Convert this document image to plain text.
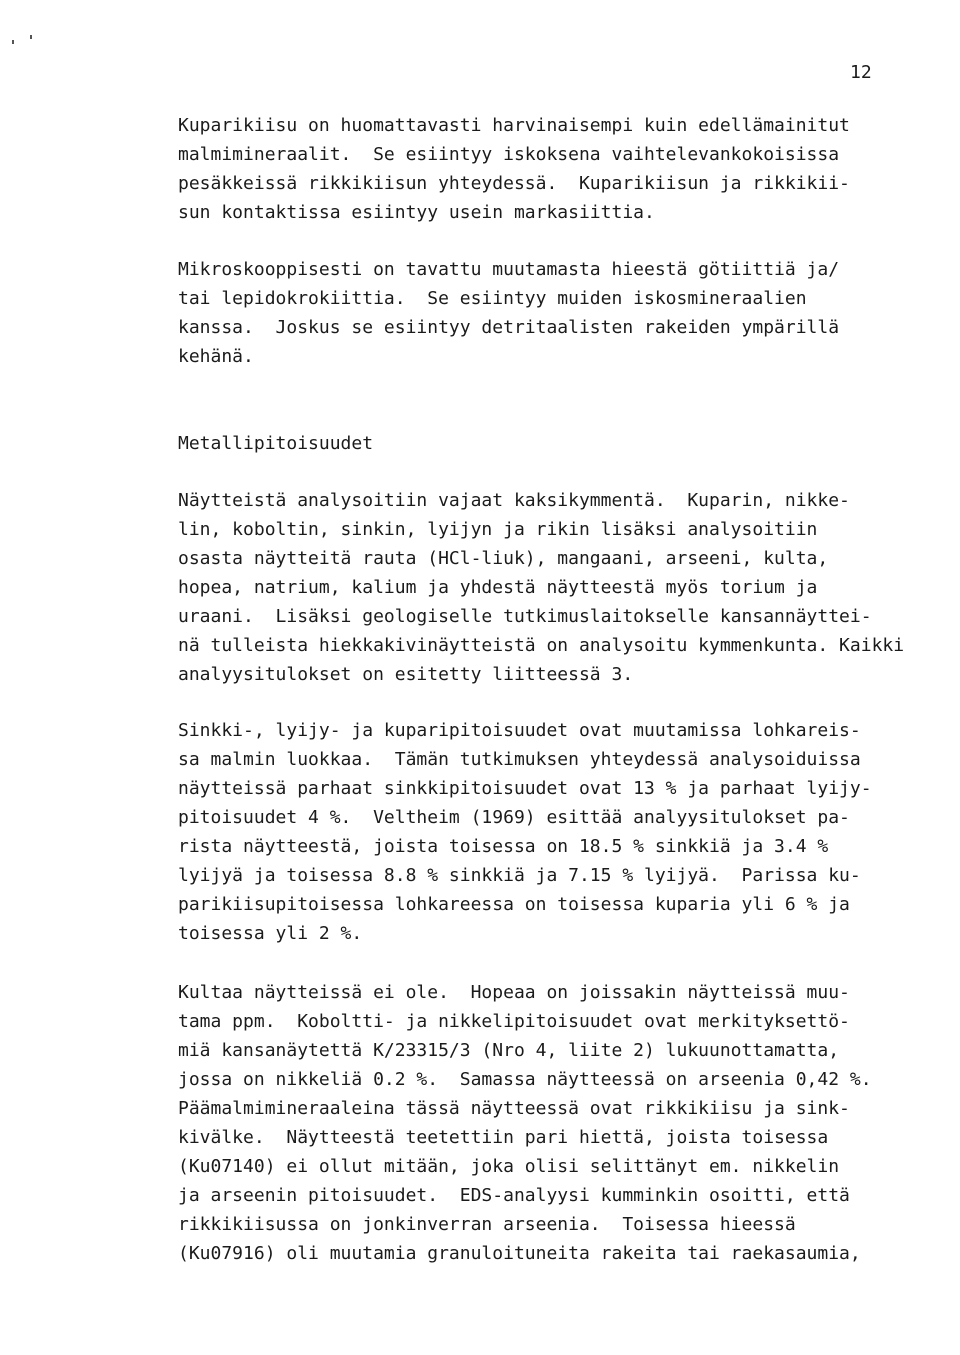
12
Kuparikiisu on huomattavasti harvinaisempi kuin edellämainitut
malmimineraalit.  Se esiintyy iskoksena vaihtelevankokoisissa
pesäkkeissä rikkikiisun yhteydessä.  Kuparikiisun ja rikkikii-
sun kontaktissa esiintyy usein markasiittia.
Mikroskooppisesti on tavattu muutamasta hieestä götiittiä ja/
tai lepidokrokiittia.  Se esiintyy muiden iskosmineraalien
kanssa.  Joskus se esiintyy detritaalisten rakeiden ympärillä
kehänä.
Metallipitoisuudet
Näytteistä analysoitiin vajaat kaksikymmentä.  Kuparin, nikke-
lin, koboltin, sinkin, lyijyn ja rikin lisäksi analysoitiin
osasta näytteitä rauta (HCl-liuk), mangaani, arseeni, kulta,
hopea, natrium, kalium ja yhdestä näytteestä myös torium ja
uraani.  Lisäksi geologiselle tutkimuslaitokselle kansannäyttei-
nä tulleista hiekkakivinäytteistä on analysoitu kymmenkunta. Kaikki
analyysitulokset on esitetty liitteessä 3.
Sinkki-, lyijy- ja kuparipitoisuudet ovat muutamissa lohkareis-
sa malmin luokkaa.  Tämän tutkimuksen yhteydessä analysoiduissa
näytteissä parhaat sinkkipitoisuudet ovat 13 % ja parhaat lyijy-
pitoisuudet 4 %.  Veltheim (1969) esittää analyysitulokset pa-
rista näytteestä, joista toisessa on 18.5 % sinkkiä ja 3.4 %
lyijyä ja toisessa 8.8 % sinkkiä ja 7.15 % lyijyä.  Parissa ku-
parikiisupitoisessa lohkareessa on toisessa kuparia yli 6 % ja
toisessa yli 2 %.
Kultaa näytteissä ei ole.  Hopeaa on joissakin näytteissä muu-
tama ppm.  Koboltti- ja nikkelipitoisuudet ovat merkityksettö-
miä kansanäytettä K/23315/3 (Nro 4, liite 2) lukuunottamatta,
jossa on nikkeliä 0.2 %.  Samassa näytteessä on arseenia 0,42 %.
Päämalmimineraaleina tässä näytteessä ovat rikkikiisu ja sink-
kivälke.  Näytteestä teetettiin pari hiettä, joista toisessa
(Ku07140) ei ollut mitään, joka olisi selittänyt em. nikkelin
ja arseenin pitoisuudet.  EDS-analyysi kumminkin osoitti, että
rikkikiisussa on jonkinverran arseenia.  Toisessa hieessä
(Ku07916) oli muutamia granuloituneita rakeita tai raekasaumia,
